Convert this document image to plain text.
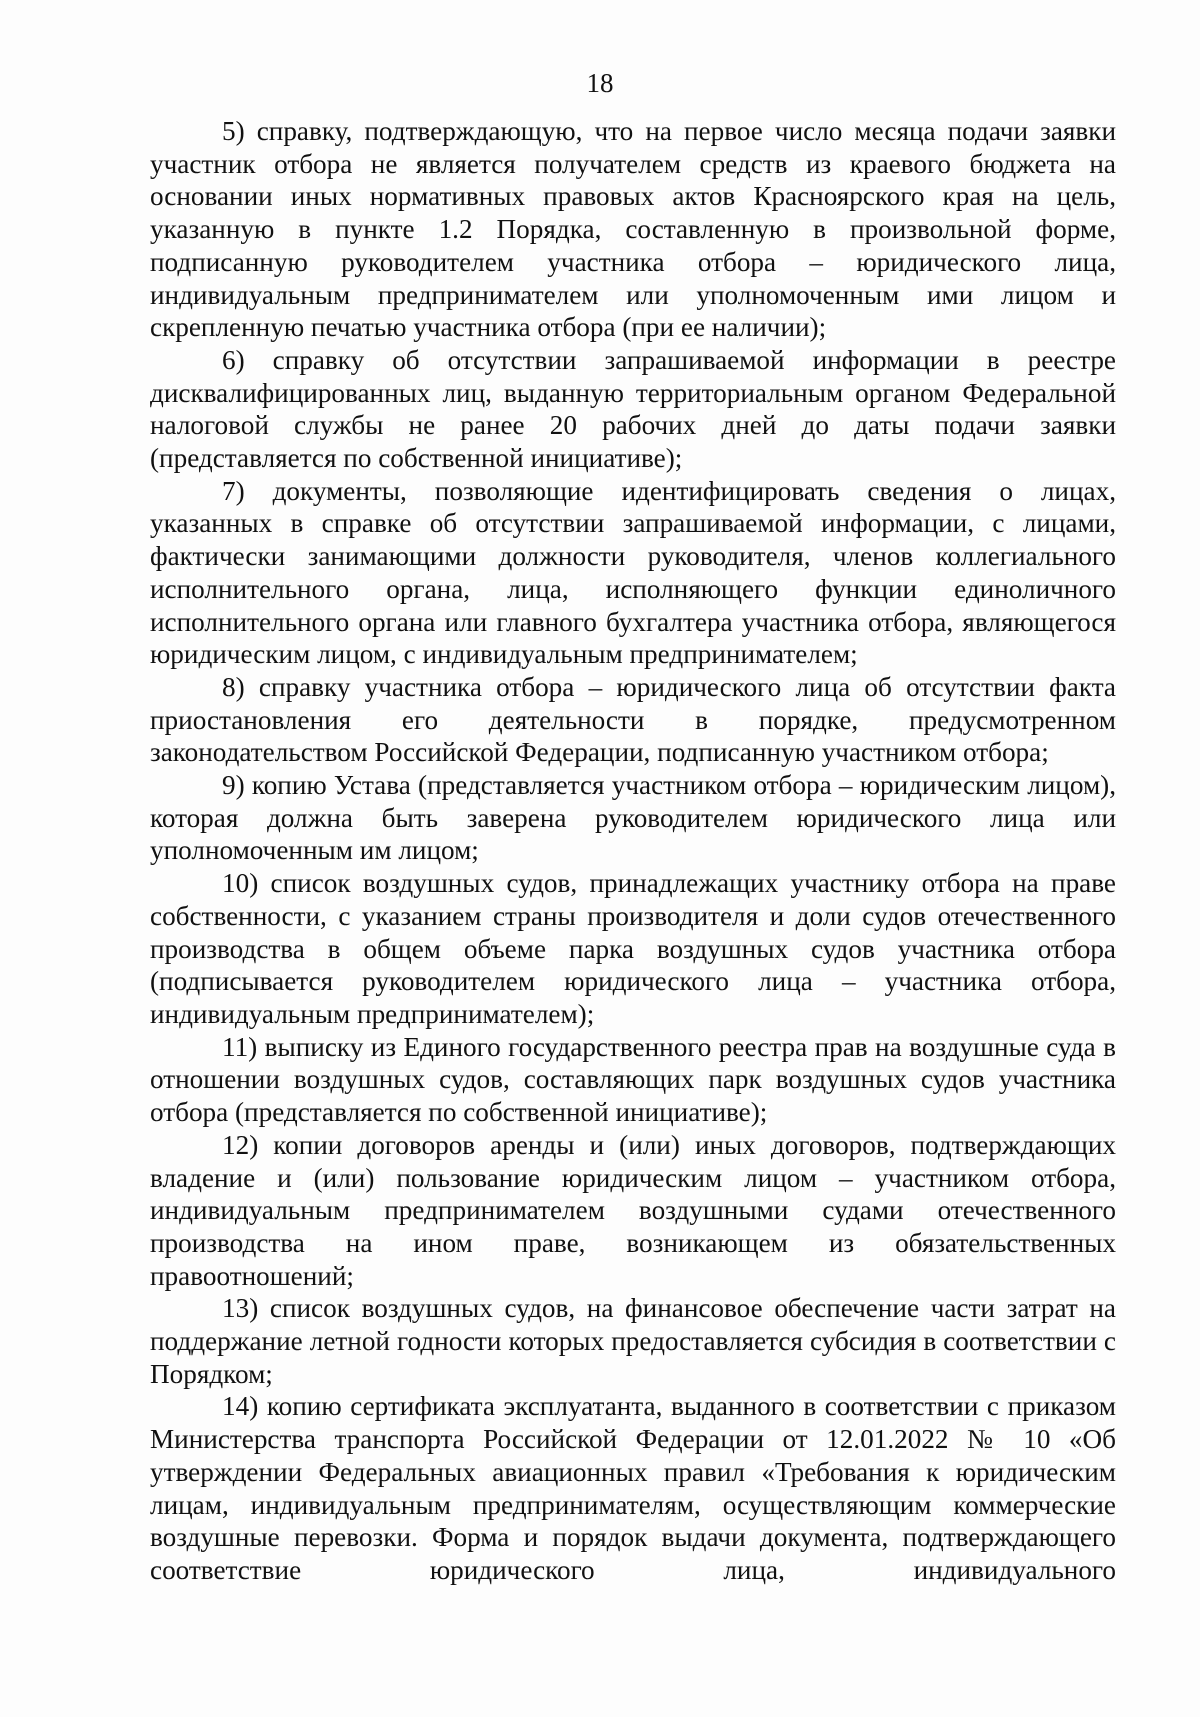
18

5) справку, подтверждающую, что на первое число месяца подачи заявки участник отбора не является получателем средств из краевого бюджета на основании иных нормативных правовых актов Красноярского края на цель, указанную в пункте 1.2 Порядка, составленную в произвольной форме, подписанную руководителем участника отбора – юридического лица, индивидуальным предпринимателем или уполномоченным ими лицом и скрепленную печатью участника отбора (при ее наличии);

6) справку об отсутствии запрашиваемой информации в реестре дисквалифицированных лиц, выданную территориальным органом Федеральной налоговой службы не ранее 20 рабочих дней до даты подачи заявки (представляется по собственной инициативе);

7) документы, позволяющие идентифицировать сведения о лицах, указанных в справке об отсутствии запрашиваемой информации, с лицами, фактически занимающими должности руководителя, членов коллегиального исполнительного органа, лица, исполняющего функции единоличного исполнительного органа или главного бухгалтера участника отбора, являющегося юридическим лицом, с индивидуальным предпринимателем;

8) справку участника отбора – юридического лица об отсутствии факта приостановления его деятельности в порядке, предусмотренном законодательством Российской Федерации, подписанную участником отбора;

9) копию Устава (представляется участником отбора – юридическим лицом), которая должна быть заверена руководителем юридического лица или уполномоченным им лицом;

10) список воздушных судов, принадлежащих участнику отбора на праве собственности, с указанием страны производителя и доли судов отечественного производства в общем объеме парка воздушных судов участника отбора (подписывается руководителем юридического лица – участника отбора, индивидуальным предпринимателем);

11) выписку из Единого государственного реестра прав на воздушные суда в отношении воздушных судов, составляющих парк воздушных судов участника отбора (представляется по собственной инициативе);

12) копии договоров аренды и (или) иных договоров, подтверждающих владение и (или) пользование юридическим лицом – участником отбора, индивидуальным предпринимателем воздушными судами отечественного производства на ином праве, возникающем из обязательственных правоотношений;

13) список воздушных судов, на финансовое обеспечение части затрат на поддержание летной годности которых предоставляется субсидия в соответствии с Порядком;

14) копию сертификата эксплуатанта, выданного в соответствии с приказом Министерства транспорта Российской Федерации от 12.01.2022 № 10 «Об утверждении Федеральных авиационных правил «Требования к юридическим лицам, индивидуальным предпринимателям, осуществляющим коммерческие воздушные перевозки. Форма и порядок выдачи документа, подтверждающего соответствие юридического лица, индивидуального
